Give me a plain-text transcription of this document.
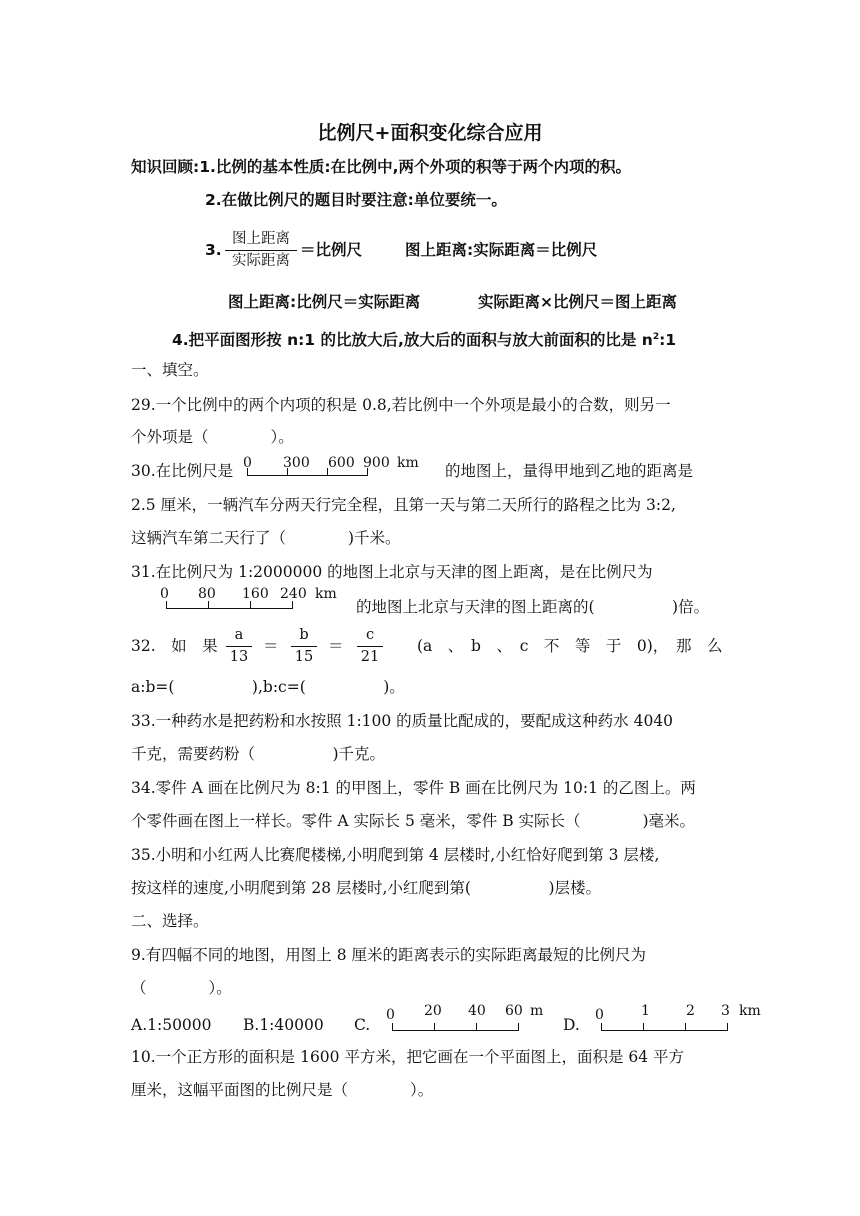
比例尺+面积变化综合应用
知识回顾:1.比例的基本性质:在比例中,两个外项的积等于两个内项的积。
2.在做比例尺的题目时要注意:单位要统一。
3.
图上距离
实际距离
＝比例尺	图上距离:实际距离＝比例尺
图上距离:比例尺＝实际距离	实际距离×比例尺＝图上距离
4.把平面图形按 n:1 的比放大后,放大后的面积与放大前面积的比是 $n^2:1$
一、填空。
29.一个比例中的两个内项的积是 0.8,若比例中一个外项是最小的合数，则另一
个外项是（　　　　）。
30.在比例尺是 0 300 600 900 km 的地图上，量得甲地到乙地的距离是
2.5 厘米，一辆汽车分两天行完全程，且第一天与第二天所行的路程之比为 3:2,
这辆汽车第二天行了（　　　　)千米。
31.在比例尺为 1:2000000 的地图上北京与天津的图上距离，是在比例尺为
0 80 160 240 km
的地图上北京与天津的图上距离的(　　　　　)倍。
32.　如　果
a
13
＝
b
15
＝
c
21
(a　、　b　、　c　不　等　于　0)，　那　么
a:b=(　　　　　),b:c=(　　　　　)。
33.一种药水是把药粉和水按照 1:100 的质量比配成的，要配成这种药水 4040
千克，需要药粉（　　　　　)千克。
34.零件 A 画在比例尺为 8:1 的甲图上，零件 B 画在比例尺为 10:1 的乙图上。两
个零件画在图上一样长。零件 A 实际长 5 毫米，零件 B 实际长（　　　　)毫米。
35.小明和小红两人比赛爬楼梯,小明爬到第 4 层楼时,小红恰好爬到第 3 层楼,
按这样的速度,小明爬到第 28 层楼时,小红爬到第(　　　　　)层楼。
二、选择。
9.有四幅不同的地图，用图上 8 厘米的距离表示的实际距离最短的比例尺为
（　　　　）。
A.1:50000 B.1:40000 C.
0 20 40 60 m
D.
0	1	2 3 km
10.一个正方形的面积是 1600 平方米，把它画在一个平面图上，面积是 64 平方
厘米，这幅平面图的比例尺是（　　　　）。
